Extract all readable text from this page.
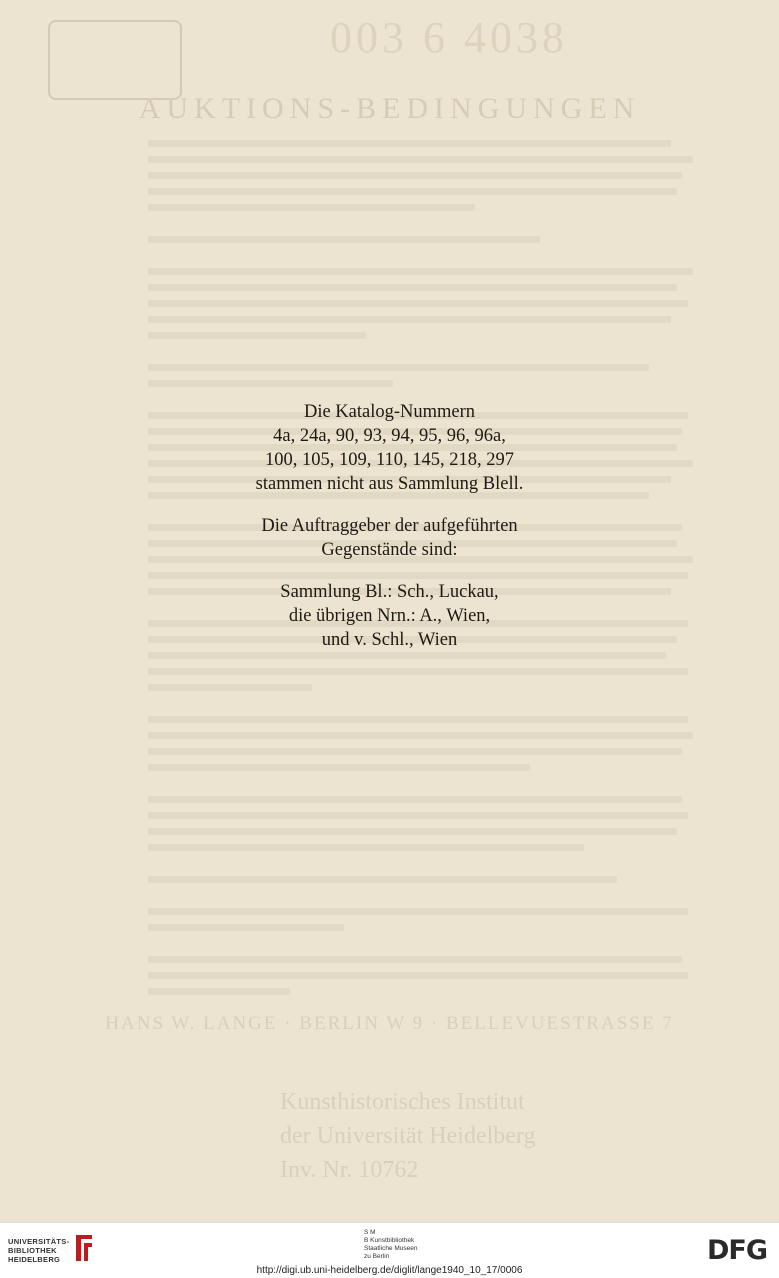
003 6 4038
AUKTIONS-BEDINGUNGEN
HANS W. LANGE · BERLIN W 9 · BELLEVUESTRASSE 7
Kunsthistorisches Institut
der Universität Heidelberg
Inv. Nr. 10762
Die Katalog-Nummern
4a, 24a, 90, 93, 94, 95, 96, 96a,
100, 105, 109, 110, 145, 218, 297
stammen nicht aus Sammlung Blell.
Die Auftraggeber der aufgeführten
Gegenstände sind:
Sammlung Bl.: Sch., Luckau,
die übrigen Nrn.: A., Wien,
und v. Schl., Wien
UNIVERSITÄTS-
BIBLIOTHEK
HEIDELBERG
S M
B Kunstbibliothek
Staatliche Museen
zu Berlin	DFG
http://digi.ub.uni-heidelberg.de/diglit/lange1940_10_17/0006
